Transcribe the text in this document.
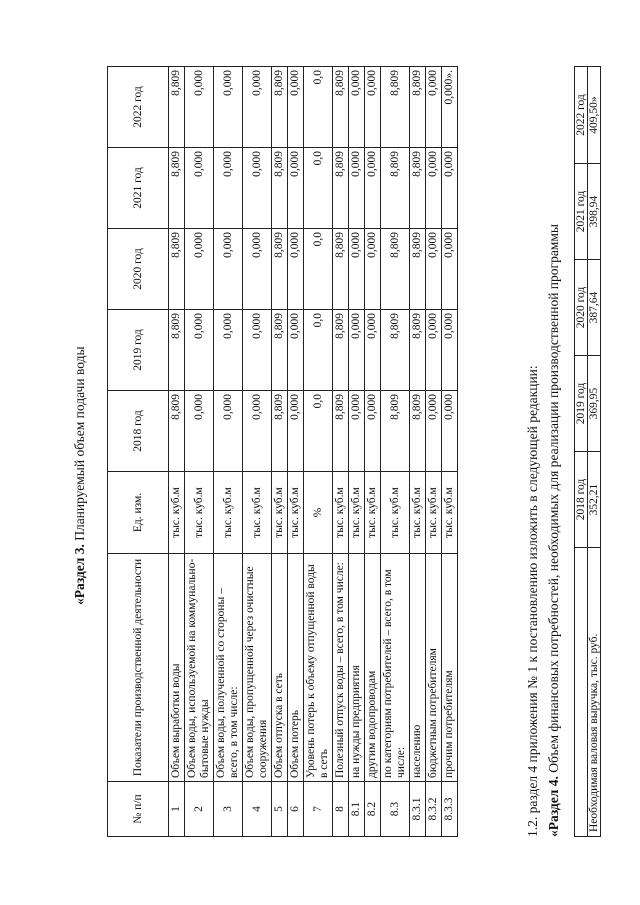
«Раздел 3. Планируемый объем подачи воды
№ п/п	Показатели производственной деятельности	Ед. изм.	2018 год	2019 год	2020 год	2021 год	2022 год
1	Объем выработки воды	тыс. куб.м	8,809	8,809	8,809	8,809	8,809
2	Объем воды, используемой на коммунально-бытовые нужды	тыс. куб.м	0,000	0,000	0,000	0,000	0,000
3	Объем воды, полученной со стороны – всего, в том числе:	тыс. куб.м	0,000	0,000	0,000	0,000	0,000
4	Объем воды, пропущенной через очистные сооружения	тыс. куб.м	0,000	0,000	0,000	0,000	0,000
5	Объем отпуска в сеть	тыс. куб.м	8,809	8,809	8,809	8,809	8,809
6	Объем потерь	тыс. куб.м	0,000	0,000	0,000	0,000	0,000
7	Уровень потерь к объему отпущенной воды в сеть	%	0,0	0,0	0,0	0,0	0,0
8	Полезный отпуск воды – всего, в том числе:	тыс. куб.м	8,809	8,809	8,809	8,809	8,809
8.1	на нужды предприятия	тыс. куб.м	0,000	0,000	0,000	0,000	0,000
8.2	другим водопроводам	тыс. куб.м	0,000	0,000	0,000	0,000	0,000
8.3	по категориям потребителей – всего, в том числе:	тыс. куб.м	8,809	8,809	8,809	8,809	8,809
8.3.1	населению	тыс. куб.м	8,809	8,809	8,809	8,809	8,809
8.3.2	бюджетным потребителям	тыс. куб.м	0,000	0,000	0,000	0,000	0,000
8.3.3	прочим потребителям	тыс. куб.м	0,000	0,000	0,000	0,000	0,000».
1.2. раздел 4 приложения № 1 к постановлению изложить в следующей редакции: «Раздел 4. Объем финансовых потребностей, необходимых для реализации производственной программы
	2018 год	2019 год	2020 год	2021 год	2022 год
Необходимая валовая выручка, тыс. руб.	352,21	369,95	387,64	398,94	409,50»
